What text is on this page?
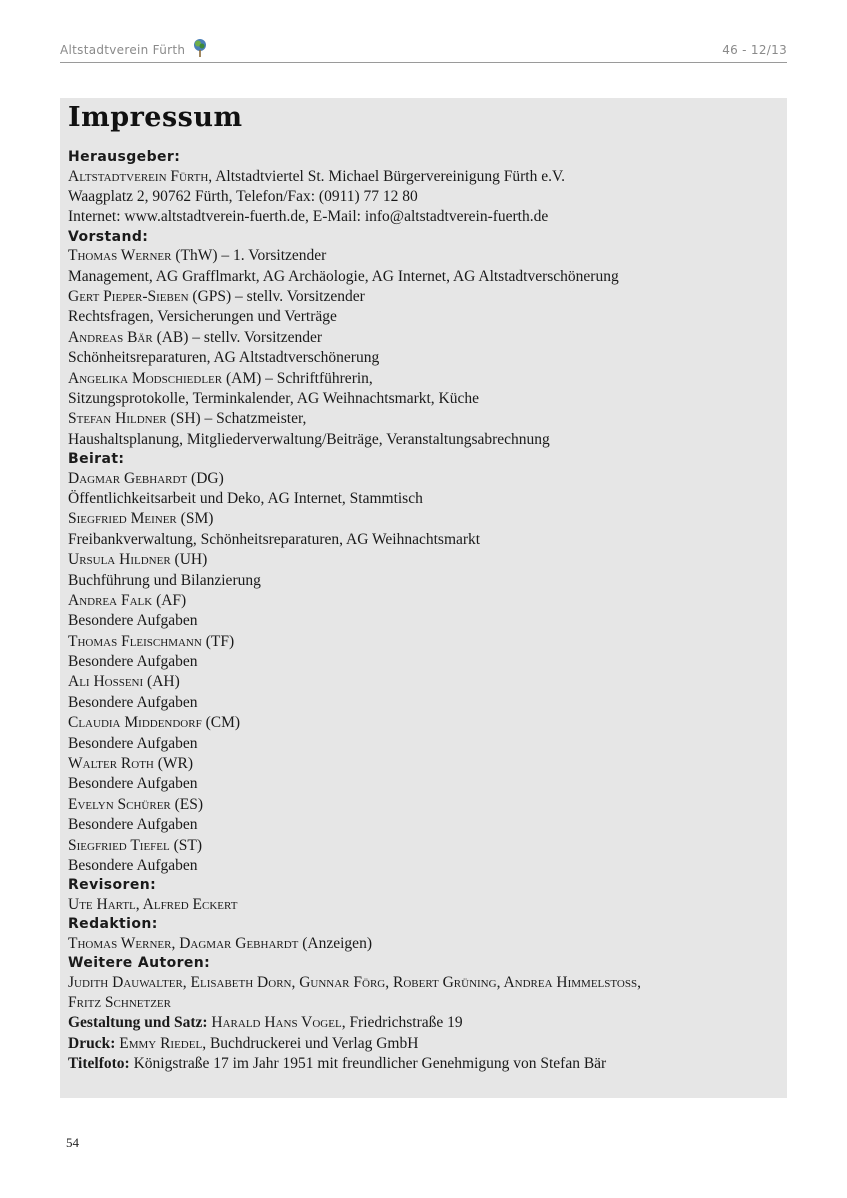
Altstadtverein Fürth	46 - 12/13
Impressum
Herausgeber:
Altstadtverein Fürth, Altstadtviertel St. Michael Bürgervereinigung Fürth e.V.
Waagplatz 2, 90762 Fürth, Telefon/Fax: (0911) 77 12 80
Internet: www.altstadtverein-fuerth.de, E-Mail: info@altstadtverein-fuerth.de
Vorstand:
Thomas Werner (ThW) – 1. Vorsitzender
Management, AG Grafflmarkt, AG Archäologie, AG Internet, AG Altstadtverschönerung
Gert Pieper-Sieben (GPS) – stellv. Vorsitzender
Rechtsfragen, Versicherungen und Verträge
Andreas Bär (AB) – stellv. Vorsitzender
Schönheitsreparaturen, AG Altstadtverschönerung
Angelika Modschiedler (AM) – Schriftführerin,
Sitzungsprotokolle, Terminkalender, AG Weihnachtsmarkt, Küche
Stefan Hildner (SH) – Schatzmeister,
Haushaltsplanung, Mitgliederverwaltung/Beiträge, Veranstaltungsabrechnung
Beirat:
Dagmar Gebhardt (DG)
Öffentlichkeitsarbeit und Deko, AG Internet, Stammtisch
Siegfried Meiner (SM)
Freibankverwaltung, Schönheitsreparaturen, AG Weihnachtsmarkt
Ursula Hildner (UH)
Buchführung und Bilanzierung
Andrea Falk (AF)
Besondere Aufgaben
Thomas Fleischmann (TF)
Besondere Aufgaben
Ali Hosseni (AH)
Besondere Aufgaben
Claudia Middendorf (CM)
Besondere Aufgaben
Walter Roth (WR)
Besondere Aufgaben
Evelyn Schürer (ES)
Besondere Aufgaben
Siegfried Tiefel (ST)
Besondere Aufgaben
Revisoren:
Ute Hartl, Alfred Eckert
Redaktion:
Thomas Werner, Dagmar Gebhardt (Anzeigen)
Weitere Autoren:
Judith Dauwalter, Elisabeth Dorn, Gunnar Förg, Robert Grüning, Andrea Himmelstoss,
Fritz Schnetzer
Gestaltung und Satz: Harald Hans Vogel, Friedrichstraße 19
Druck: Emmy Riedel, Buchdruckerei und Verlag GmbH
Titelfoto: Königstraße 17 im Jahr 1951 mit freundlicher Genehmigung von Stefan Bär
54
